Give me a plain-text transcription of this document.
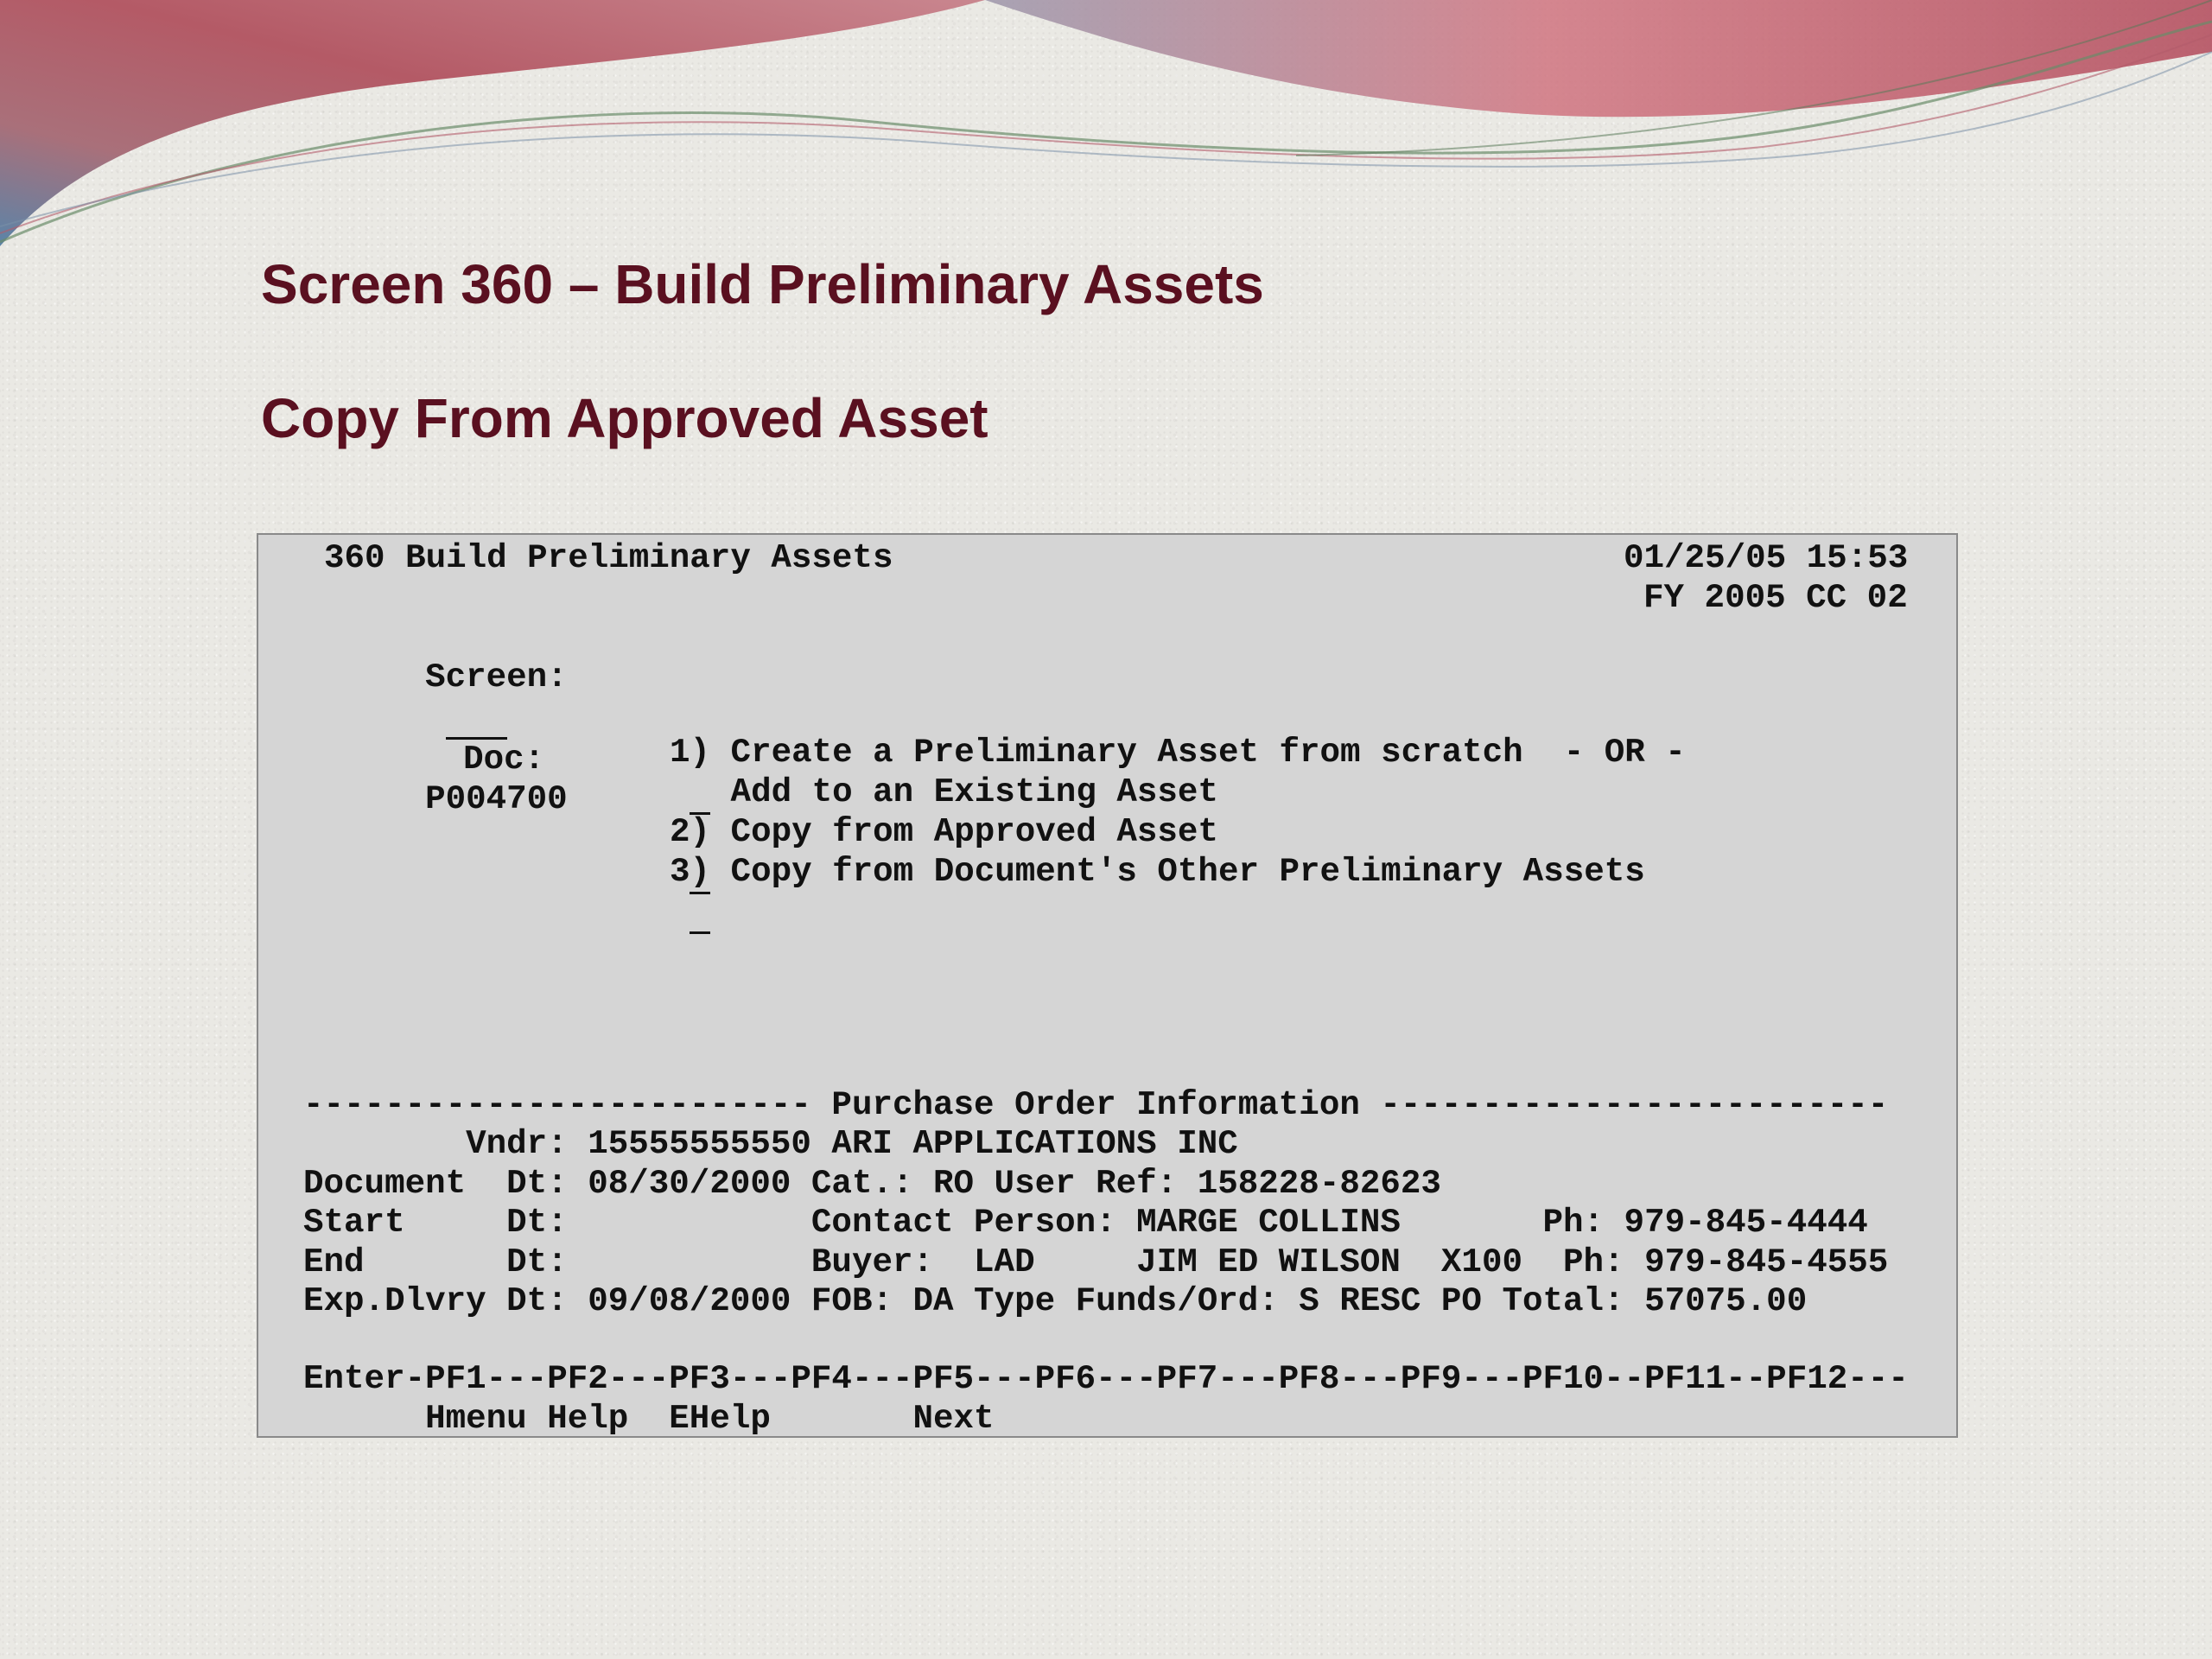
Screen 360 – Build Preliminary Assets
Copy From Approved Asset
360 Build Preliminary Assets	01/25/05 15:53
FY 2005 CC 02

Screen:

Doc:
P004700

1) Create a Preliminary Asset from scratch  - OR -
Add to an Existing Asset

2) Copy from Approved Asset

3) Copy from Document's Other Preliminary Assets
------------------------- Purchase Order Information -------------------------
Vndr: 15555555550 ARI APPLICATIONS INC
Document  Dt: 08/30/2000 Cat.: RO User Ref: 158228-82623
Start     Dt:            Contact Person: MARGE COLLINS       Ph: 979-845-4444
End       Dt:            Buyer:  LAD     JIM ED WILSON  X100  Ph: 979-845-4555
Exp.Dlvry Dt: 09/08/2000 FOB: DA Type Funds/Ord: S RESC PO Total: 57075.00
Enter-PF1---PF2---PF3---PF4---PF5---PF6---PF7---PF8---PF9---PF10--PF11--PF12---
Hmenu Help  EHelp       Next
